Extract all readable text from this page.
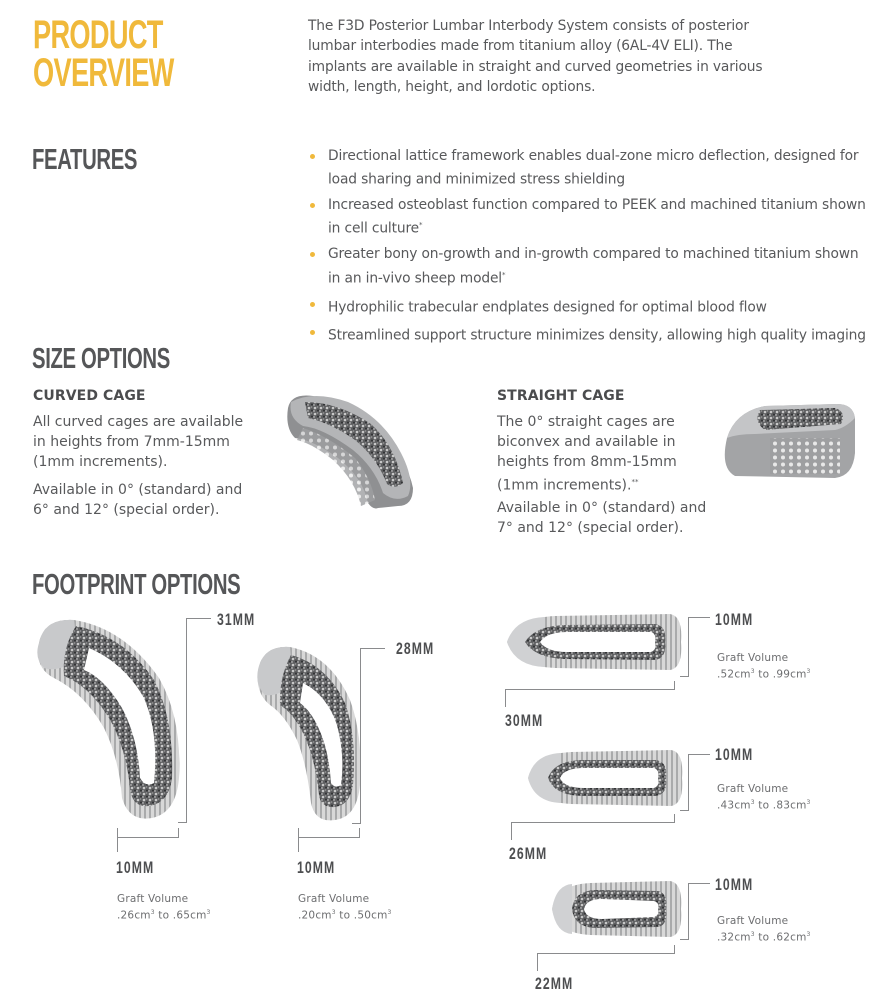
PRODUCT
OVERVIEW
The F3D Posterior Lumbar Interbody System consists of posterior lumbar interbodies made from titanium alloy (6AL-4V ELI). The implants are available in straight and curved geometries in various width, length, height, and lordotic options.
FEATURES	Directional lattice framework enables dual-zone micro deflection, designed for load sharing and minimized stress shielding
Increased osteoblast function compared to PEEK and machined titanium shown in cell culture*
Greater bony on-growth and in-growth compared to machined titanium shown in an in-vivo sheep model*
Hydrophilic trabecular endplates designed for optimal blood flow
Streamlined support structure minimizes density, allowing high quality imaging
SIZE OPTIONS
CURVED CAGE
All curved cages are available in heights from 7mm-15mm (1mm increments).
Available in 0° (standard) and 6° and 12° (special order).
STRAIGHT CAGE
The 0° straight cages are biconvex and available in heights from 8mm-15mm (1mm increments).**
Available in 0° (standard) and 7° and 12° (special order).
FOOTPRINT OPTIONS
31MM
10MM
Graft Volume
$.26cm^3$ to $.65cm^3$
28MM
10MM
Graft Volume
$.20cm^3$ to $.50cm^3$
10MM
Graft Volume
$.52cm^3$ to $.99cm^3$
30MM
10MM
Graft Volume
$.43cm^3$ to $.83cm^3$
26MM
10MM
Graft Volume
$.32cm^3$ to $.62cm^3$
22MM
